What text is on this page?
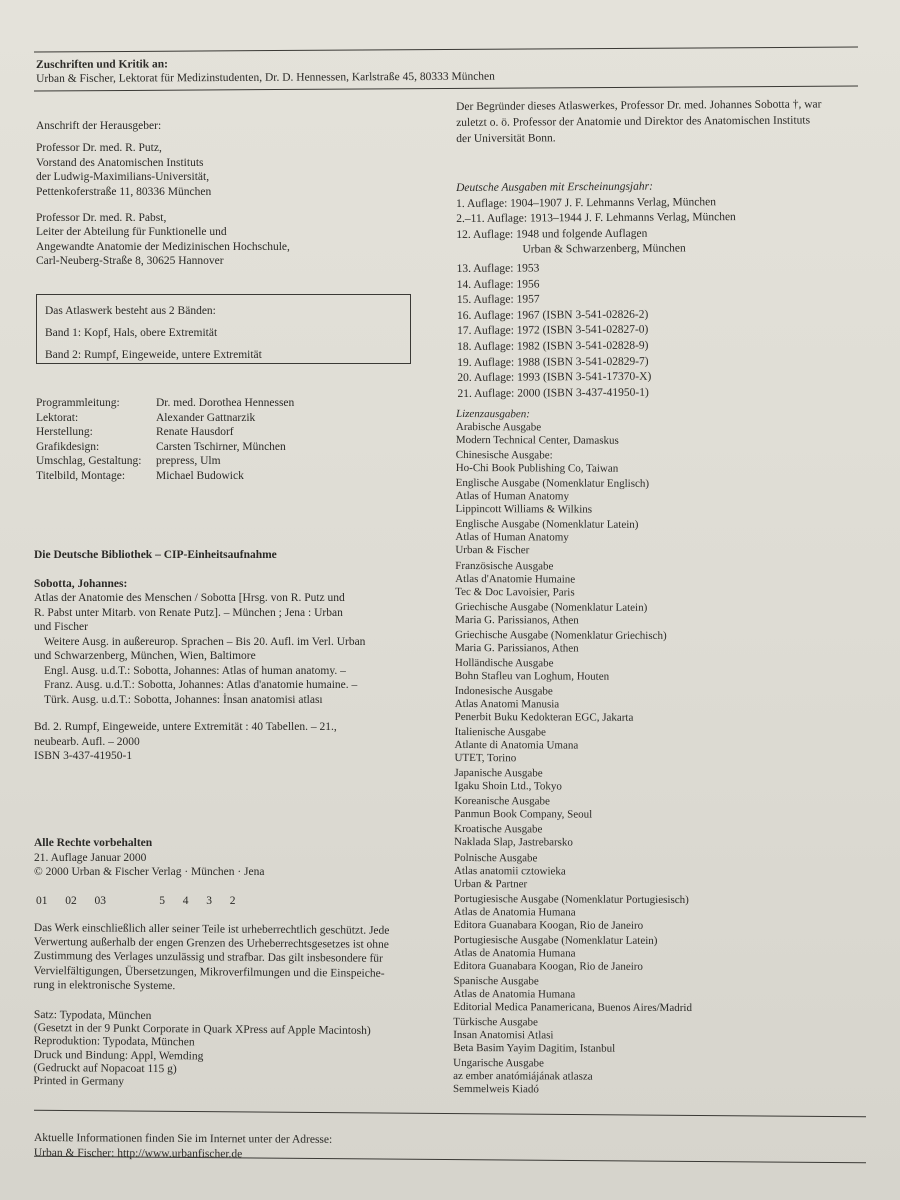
Zuschriften und Kritik an:
Urban & Fischer, Lektorat für Medizinstudenten, Dr. D. Hennessen, Karlstraße 45, 80333 München
Anschrift der Herausgeber:
Professor Dr. med. R. Putz,
Vorstand des Anatomischen Instituts
der Ludwig-Maximilians-Universität,
Pettenkoferstraße 11, 80336 München
Professor Dr. med. R. Pabst,
Leiter der Abteilung für Funktionelle und
Angewandte Anatomie der Medizinischen Hochschule,
Carl-Neuberg-Straße 8, 30625 Hannover
Das Atlaswerk besteht aus 2 Bänden:
Band 1: Kopf, Hals, obere Extremität
Band 2: Rumpf, Eingeweide, untere Extremität
Programmleitung:	Dr. med. Dorothea Hennessen
Lektorat:	Alexander Gattnarzik
Herstellung:	Renate Hausdorf
Grafikdesign:	Carsten Tschirner, München
Umschlag, Gestaltung:	prepress, Ulm
Titelbild, Montage:	Michael Budowick
Die Deutsche Bibliothek – CIP-Einheitsaufnahme
Sobotta, Johannes:
Atlas der Anatomie des Menschen / Sobotta [Hrsg. von R. Putz und
R. Pabst unter Mitarb. von Renate Putz]. – München ; Jena : Urban
und Fischer
Weitere Ausg. in außereurop. Sprachen – Bis 20. Aufl. im Verl. Urban
und Schwarzenberg, München, Wien, Baltimore
Engl. Ausg. u.d.T.: Sobotta, Johannes: Atlas of human anatomy. –
Franz. Ausg. u.d.T.: Sobotta, Johannes: Atlas d'anatomie humaine. –
Türk. Ausg. u.d.T.: Sobotta, Johannes: İnsan anatomisi atlası
Bd. 2. Rumpf, Eingeweide, untere Extremität : 40 Tabellen. – 21.,
neubearb. Aufl. – 2000
ISBN 3-437-41950-1
Alle Rechte vorbehalten
21. Auflage Januar 2000
© 2000 Urban & Fischer Verlag · München · Jena
01  02  03      5  4  3  2
Das Werk einschließlich aller seiner Teile ist urheberrechtlich geschützt. Jede
Verwertung außerhalb der engen Grenzen des Urheberrechtsgesetzes ist ohne
Zustimmung des Verlages unzulässig und strafbar. Das gilt insbesondere für
Vervielfältigungen, Übersetzungen, Mikroverfilmungen und die Einspeiche-
rung in elektronische Systeme.
Satz: Typodata, München
(Gesetzt in der 9 Punkt Corporate in Quark XPress auf Apple Macintosh)
Reproduktion: Typodata, München
Druck und Bindung: Appl, Wemding
(Gedruckt auf Nopacoat 115 g)
Printed in Germany
Der Begründer dieses Atlaswerkes, Professor Dr. med. Johannes Sobotta †, war
zuletzt o. ö. Professor der Anatomie und Direktor des Anatomischen Instituts
der Universität Bonn.
Deutsche Ausgaben mit Erscheinungsjahr:
1. Auflage: 1904–1907 J. F. Lehmanns Verlag, München
2.–11. Auflage: 1913–1944 J. F. Lehmanns Verlag, München
12. Auflage: 1948 und folgende Auflagen
Urban & Schwarzenberg, München
13. Auflage: 1953
14. Auflage: 1956
15. Auflage: 1957
16. Auflage: 1967 (ISBN 3-541-02826-2)
17. Auflage: 1972 (ISBN 3-541-02827-0)
18. Auflage: 1982 (ISBN 3-541-02828-9)
19. Auflage: 1988 (ISBN 3-541-02829-7)
20. Auflage: 1993 (ISBN 3-541-17370-X)
21. Auflage: 2000 (ISBN 3-437-41950-1)
Lizenzausgaben:
Arabische Ausgabe
Modern Technical Center, Damaskus
Chinesische Ausgabe:
Ho-Chi Book Publishing Co, Taiwan
Englische Ausgabe (Nomenklatur Englisch)
Atlas of Human Anatomy
Lippincott Williams & Wilkins
Englische Ausgabe (Nomenklatur Latein)
Atlas of Human Anatomy
Urban & Fischer
Französische Ausgabe
Atlas d'Anatomie Humaine
Tec & Doc Lavoisier, Paris
Griechische Ausgabe (Nomenklatur Latein)
Maria G. Parissianos, Athen
Griechische Ausgabe (Nomenklatur Griechisch)
Maria G. Parissianos, Athen
Holländische Ausgabe
Bohn Stafleu van Loghum, Houten
Indonesische Ausgabe
Atlas Anatomi Manusia
Penerbit Buku Kedokteran EGC, Jakarta
Italienische Ausgabe
Atlante di Anatomia Umana
UTET, Torino
Japanische Ausgabe
Igaku Shoin Ltd., Tokyo
Koreanische Ausgabe
Panmun Book Company, Seoul
Kroatische Ausgabe
Naklada Slap, Jastrebarsko
Polnische Ausgabe
Atlas anatomii cztowieka
Urban & Partner
Portugiesische Ausgabe (Nomenklatur Portugiesisch)
Atlas de Anatomia Humana
Editora Guanabara Koogan, Rio de Janeiro
Portugiesische Ausgabe (Nomenklatur Latein)
Atlas de Anatomia Humana
Editora Guanabara Koogan, Rio de Janeiro
Spanische Ausgabe
Atlas de Anatomia Humana
Editorial Medica Panamericana, Buenos Aires/Madrid
Türkische Ausgabe
Insan Anatomisi Atlasi
Beta Basim Yayim Dagitim, Istanbul
Ungarische Ausgabe
az ember anatómiájának atlasza
Semmelweis Kiadó
Aktuelle Informationen finden Sie im Internet unter der Adresse:
Urban & Fischer: http://www.urbanfischer.de
